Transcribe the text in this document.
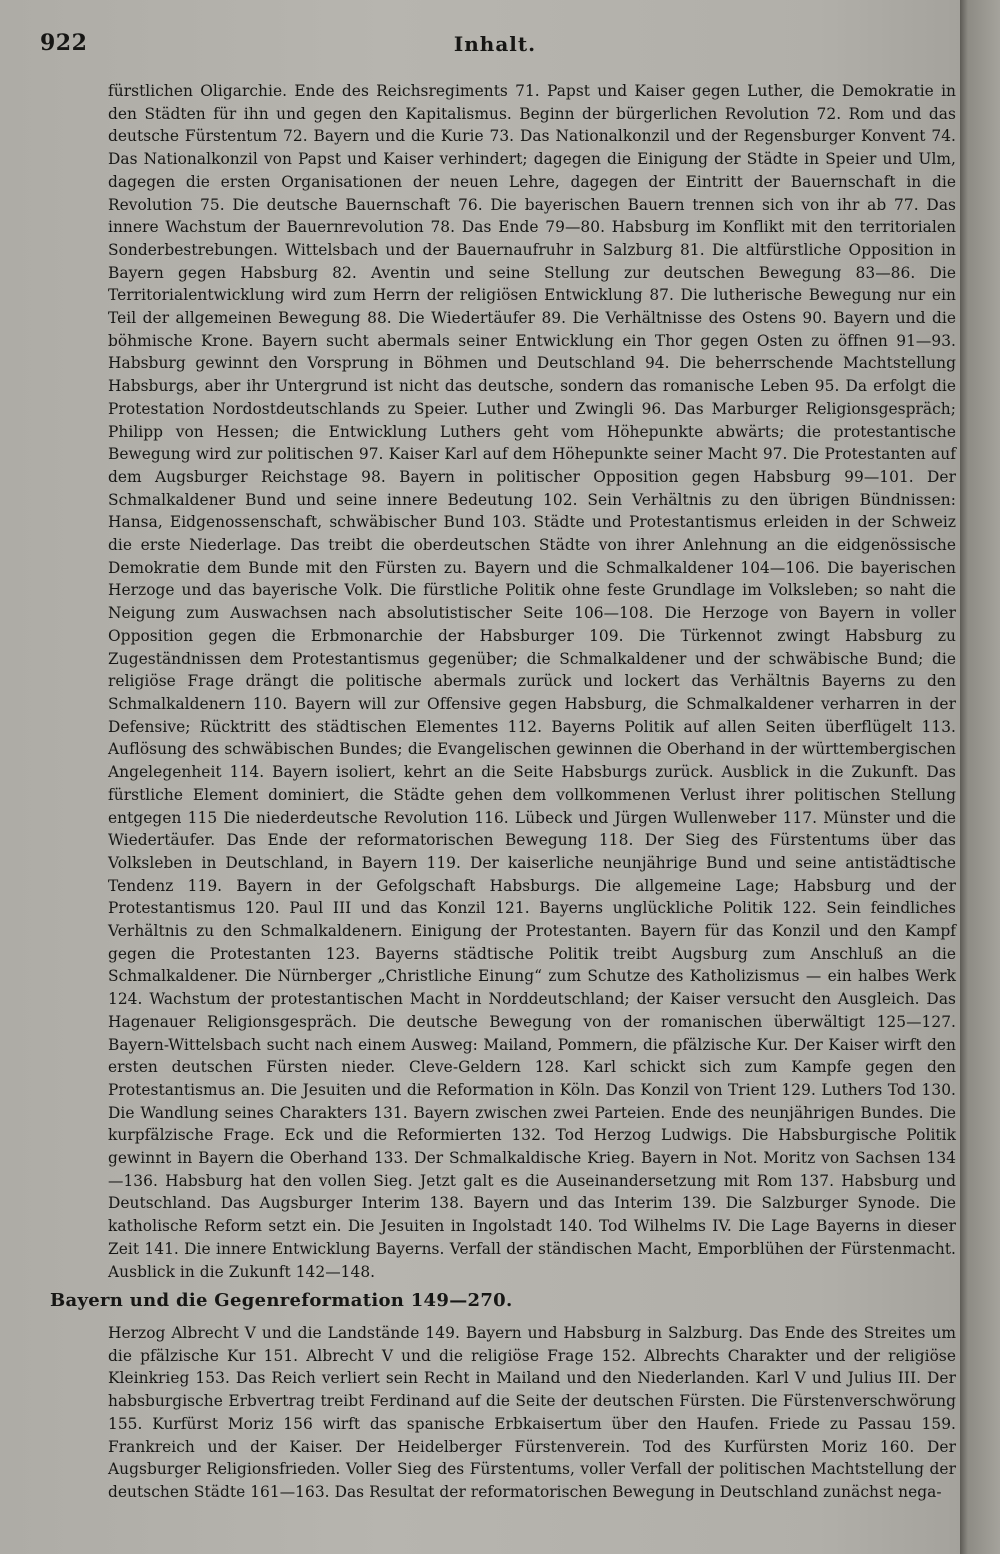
922	Inhalt.
fürstlichen Oligarchie. Ende des Reichsregiments 71. Papst und Kaiser gegen Luther, die Demokratie in den Städten für ihn und gegen den Kapitalismus. Beginn der bürgerlichen Revolution 72. Rom und das deutsche Fürstentum 72. Bayern und die Kurie 73. Das Nationalkonzil und der Regensburger Konvent 74. Das Nationalkonzil von Papst und Kaiser verhindert; dagegen die Einigung der Städte in Speier und Ulm, dagegen die ersten Organisationen der neuen Lehre, dagegen der Eintritt der Bauernschaft in die Revolution 75. Die deutsche Bauernschaft 76. Die bayerischen Bauern trennen sich von ihr ab 77. Das innere Wachstum der Bauernrevolution 78. Das Ende 79—80. Habsburg im Konflikt mit den territorialen Sonderbestrebungen. Wittelsbach und der Bauernaufruhr in Salzburg 81. Die altfürstliche Opposition in Bayern gegen Habsburg 82. Aventin und seine Stellung zur deutschen Bewegung 83—86. Die Territorialentwicklung wird zum Herrn der religiösen Entwicklung 87. Die lutherische Bewegung nur ein Teil der allgemeinen Bewegung 88. Die Wiedertäufer 89. Die Verhältnisse des Ostens 90. Bayern und die böhmische Krone. Bayern sucht abermals seiner Entwicklung ein Thor gegen Osten zu öffnen 91—93. Habsburg gewinnt den Vorsprung in Böhmen und Deutschland 94. Die beherrschende Machtstellung Habsburgs, aber ihr Untergrund ist nicht das deutsche, sondern das romanische Leben 95. Da erfolgt die Protestation Nordostdeutschlands zu Speier. Luther und Zwingli 96. Das Marburger Religionsgespräch; Philipp von Hessen; die Entwicklung Luthers geht vom Höhepunkte abwärts; die protestantische Bewegung wird zur politischen 97. Kaiser Karl auf dem Höhepunkte seiner Macht 97. Die Protestanten auf dem Augsburger Reichstage 98. Bayern in politischer Opposition gegen Habsburg 99—101. Der Schmalkaldener Bund und seine innere Bedeutung 102. Sein Verhältnis zu den übrigen Bündnissen: Hansa, Eidgenossenschaft, schwäbischer Bund 103. Städte und Protestantismus erleiden in der Schweiz die erste Niederlage. Das treibt die oberdeutschen Städte von ihrer Anlehnung an die eidgenössische Demokratie dem Bunde mit den Fürsten zu. Bayern und die Schmalkaldener 104—106. Die bayerischen Herzoge und das bayerische Volk. Die fürstliche Politik ohne feste Grundlage im Volksleben; so naht die Neigung zum Auswachsen nach absolutistischer Seite 106—108. Die Herzoge von Bayern in voller Opposition gegen die Erbmonarchie der Habsburger 109. Die Türkennot zwingt Habsburg zu Zugeständnissen dem Protestantismus gegenüber; die Schmalkaldener und der schwäbische Bund; die religiöse Frage drängt die politische abermals zurück und lockert das Verhältnis Bayerns zu den Schmalkaldenern 110. Bayern will zur Offensive gegen Habsburg, die Schmalkaldener verharren in der Defensive; Rücktritt des städtischen Elementes 112. Bayerns Politik auf allen Seiten überflügelt 113. Auflösung des schwäbischen Bundes; die Evangelischen gewinnen die Oberhand in der württembergischen Angelegenheit 114. Bayern isoliert, kehrt an die Seite Habsburgs zurück. Ausblick in die Zukunft. Das fürstliche Element dominiert, die Städte gehen dem vollkommenen Verlust ihrer politischen Stellung entgegen 115 Die niederdeutsche Revolution 116. Lübeck und Jürgen Wullenweber 117. Münster und die Wiedertäufer. Das Ende der reformatorischen Bewegung 118. Der Sieg des Fürstentums über das Volksleben in Deutschland, in Bayern 119. Der kaiserliche neunjährige Bund und seine antistädtische Tendenz 119. Bayern in der Gefolgschaft Habsburgs. Die allgemeine Lage; Habsburg und der Protestantismus 120. Paul III und das Konzil 121. Bayerns unglückliche Politik 122. Sein feindliches Verhältnis zu den Schmalkaldenern. Einigung der Protestanten. Bayern für das Konzil und den Kampf gegen die Protestanten 123. Bayerns städtische Politik treibt Augsburg zum Anschluß an die Schmalkaldener. Die Nürnberger „Christliche Einung“ zum Schutze des Katholizismus — ein halbes Werk 124. Wachstum der protestantischen Macht in Norddeutschland; der Kaiser versucht den Ausgleich. Das Hagenauer Religionsgespräch. Die deutsche Bewegung von der romanischen überwältigt 125—127. Bayern-Wittelsbach sucht nach einem Ausweg: Mailand, Pommern, die pfälzische Kur. Der Kaiser wirft den ersten deutschen Fürsten nieder. Cleve-Geldern 128. Karl schickt sich zum Kampfe gegen den Protestantismus an. Die Jesuiten und die Reformation in Köln. Das Konzil von Trient 129. Luthers Tod 130. Die Wandlung seines Charakters 131. Bayern zwischen zwei Parteien. Ende des neunjährigen Bundes. Die kurpfälzische Frage. Eck und die Reformierten 132. Tod Herzog Ludwigs. Die Habsburgische Politik gewinnt in Bayern die Oberhand 133. Der Schmalkaldische Krieg. Bayern in Not. Moritz von Sachsen 134—136. Habsburg hat den vollen Sieg. Jetzt galt es die Auseinandersetzung mit Rom 137. Habsburg und Deutschland. Das Augsburger Interim 138. Bayern und das Interim 139. Die Salzburger Synode. Die katholische Reform setzt ein. Die Jesuiten in Ingolstadt 140. Tod Wilhelms IV. Die Lage Bayerns in dieser Zeit 141. Die innere Entwicklung Bayerns. Verfall der ständischen Macht, Emporblühen der Fürstenmacht. Ausblick in die Zukunft 142—148.
Bayern und die Gegenreformation 149—270.
Herzog Albrecht V und die Landstände 149. Bayern und Habsburg in Salzburg. Das Ende des Streites um die pfälzische Kur 151. Albrecht V und die religiöse Frage 152. Albrechts Charakter und der religiöse Kleinkrieg 153. Das Reich verliert sein Recht in Mailand und den Niederlanden. Karl V und Julius III. Der habsburgische Erbvertrag treibt Ferdinand auf die Seite der deutschen Fürsten. Die Fürstenverschwörung 155. Kurfürst Moriz 156 wirft das spanische Erbkaisertum über den Haufen. Friede zu Passau 159. Frankreich und der Kaiser. Der Heidelberger Fürstenverein. Tod des Kurfürsten Moriz 160. Der Augsburger Religionsfrieden. Voller Sieg des Fürstentums, voller Verfall der politischen Machtstellung der deutschen Städte 161—163. Das Resultat der reformatorischen Bewegung in Deutschland zunächst nega-
